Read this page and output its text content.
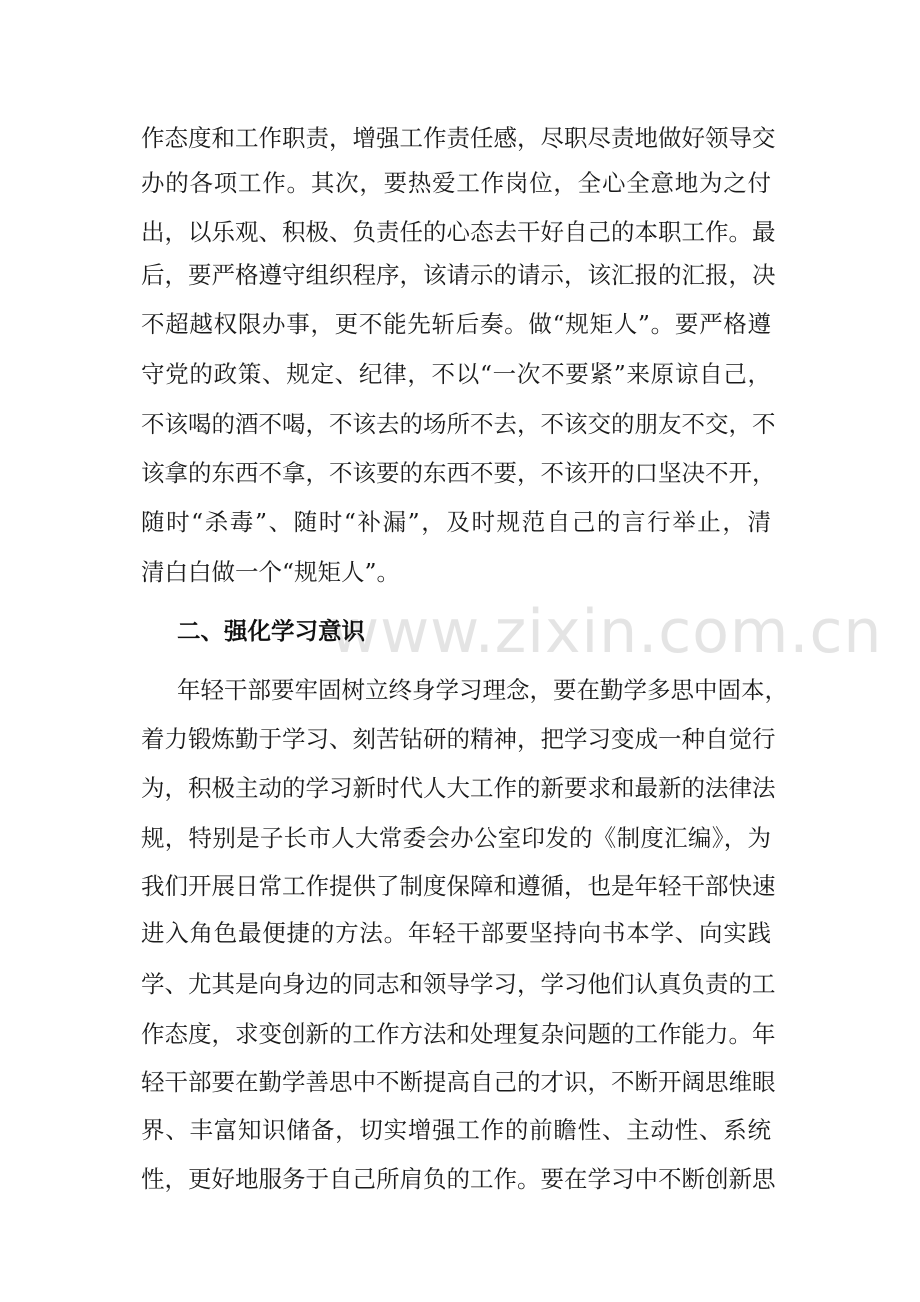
www.zixin.com.cn
作态度和工作职责，增强工作责任感，尽职尽责地做好领导交
办的各项工作。其次，要热爱工作岗位，全心全意地为之付
出，以乐观、积极、负责任的心态去干好自己的本职工作。最
后，要严格遵守组织程序，该请示的请示，该汇报的汇报，决
不超越权限办事，更不能先斩后奏。做“规矩人”。要严格遵
守党的政策、规定、纪律，不以“一次不要紧”来原谅自己，
不该喝的酒不喝，不该去的场所不去，不该交的朋友不交，不
该拿的东西不拿，不该要的东西不要，不该开的口坚决不开，
随时“杀毒”、随时“补漏”，及时规范自己的言行举止，清
清白白做一个“规矩人”。
二、强化学习意识
年轻干部要牢固树立终身学习理念，要在勤学多思中固本，
着力锻炼勤于学习、刻苦钻研的精神，把学习变成一种自觉行
为，积极主动的学习新时代人大工作的新要求和最新的法律法
规，特别是子长市人大常委会办公室印发的《制度汇编》，为
我们开展日常工作提供了制度保障和遵循，也是年轻干部快速
进入角色最便捷的方法。年轻干部要坚持向书本学、向实践
学、尤其是向身边的同志和领导学习，学习他们认真负责的工
作态度，求变创新的工作方法和处理复杂问题的工作能力。年
轻干部要在勤学善思中不断提高自己的才识，不断开阔思维眼
界、丰富知识储备，切实增强工作的前瞻性、主动性、系统
性，更好地服务于自己所肩负的工作。要在学习中不断创新思
